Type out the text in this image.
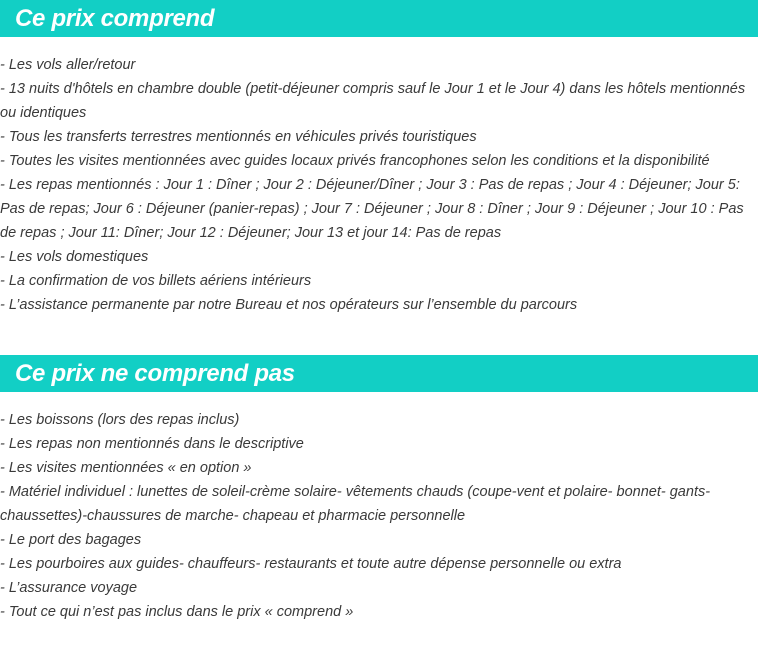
Ce prix comprend
- Les vols aller/retour
- 13 nuits d'hôtels en chambre double (petit-déjeuner compris sauf le Jour 1 et le Jour 4) dans les hôtels mentionnés ou identiques
- Tous les transferts terrestres mentionnés en véhicules privés touristiques
- Toutes les visites mentionnées avec guides locaux privés francophones selon les conditions et la disponibilité
- Les repas mentionnés : Jour 1 : Dîner ; Jour 2 : Déjeuner/Dîner ; Jour 3 : Pas de repas ; Jour 4 : Déjeuner; Jour 5: Pas de repas; Jour 6 : Déjeuner (panier-repas) ; Jour 7 : Déjeuner ; Jour 8 : Dîner ; Jour 9 : Déjeuner ; Jour 10 : Pas de repas ; Jour 11: Dîner; Jour 12 : Déjeuner; Jour 13 et jour 14: Pas de repas
- Les vols domestiques
- La confirmation de vos billets aériens intérieurs
- L’assistance permanente par notre Bureau et nos opérateurs sur l’ensemble du parcours
Ce prix ne comprend pas
- Les boissons (lors des repas inclus)
- Les repas non mentionnés dans le descriptive
- Les visites mentionnées « en option »
- Matériel individuel : lunettes de soleil-crème solaire- vêtements chauds (coupe-vent et polaire- bonnet- gants- chaussettes)-chaussures de marche- chapeau et pharmacie personnelle
- Le port des bagages
- Les pourboires aux guides- chauffeurs- restaurants et toute autre dépense personnelle ou extra
- L’assurance voyage
- Tout ce qui n’est pas inclus dans le prix « comprend »
